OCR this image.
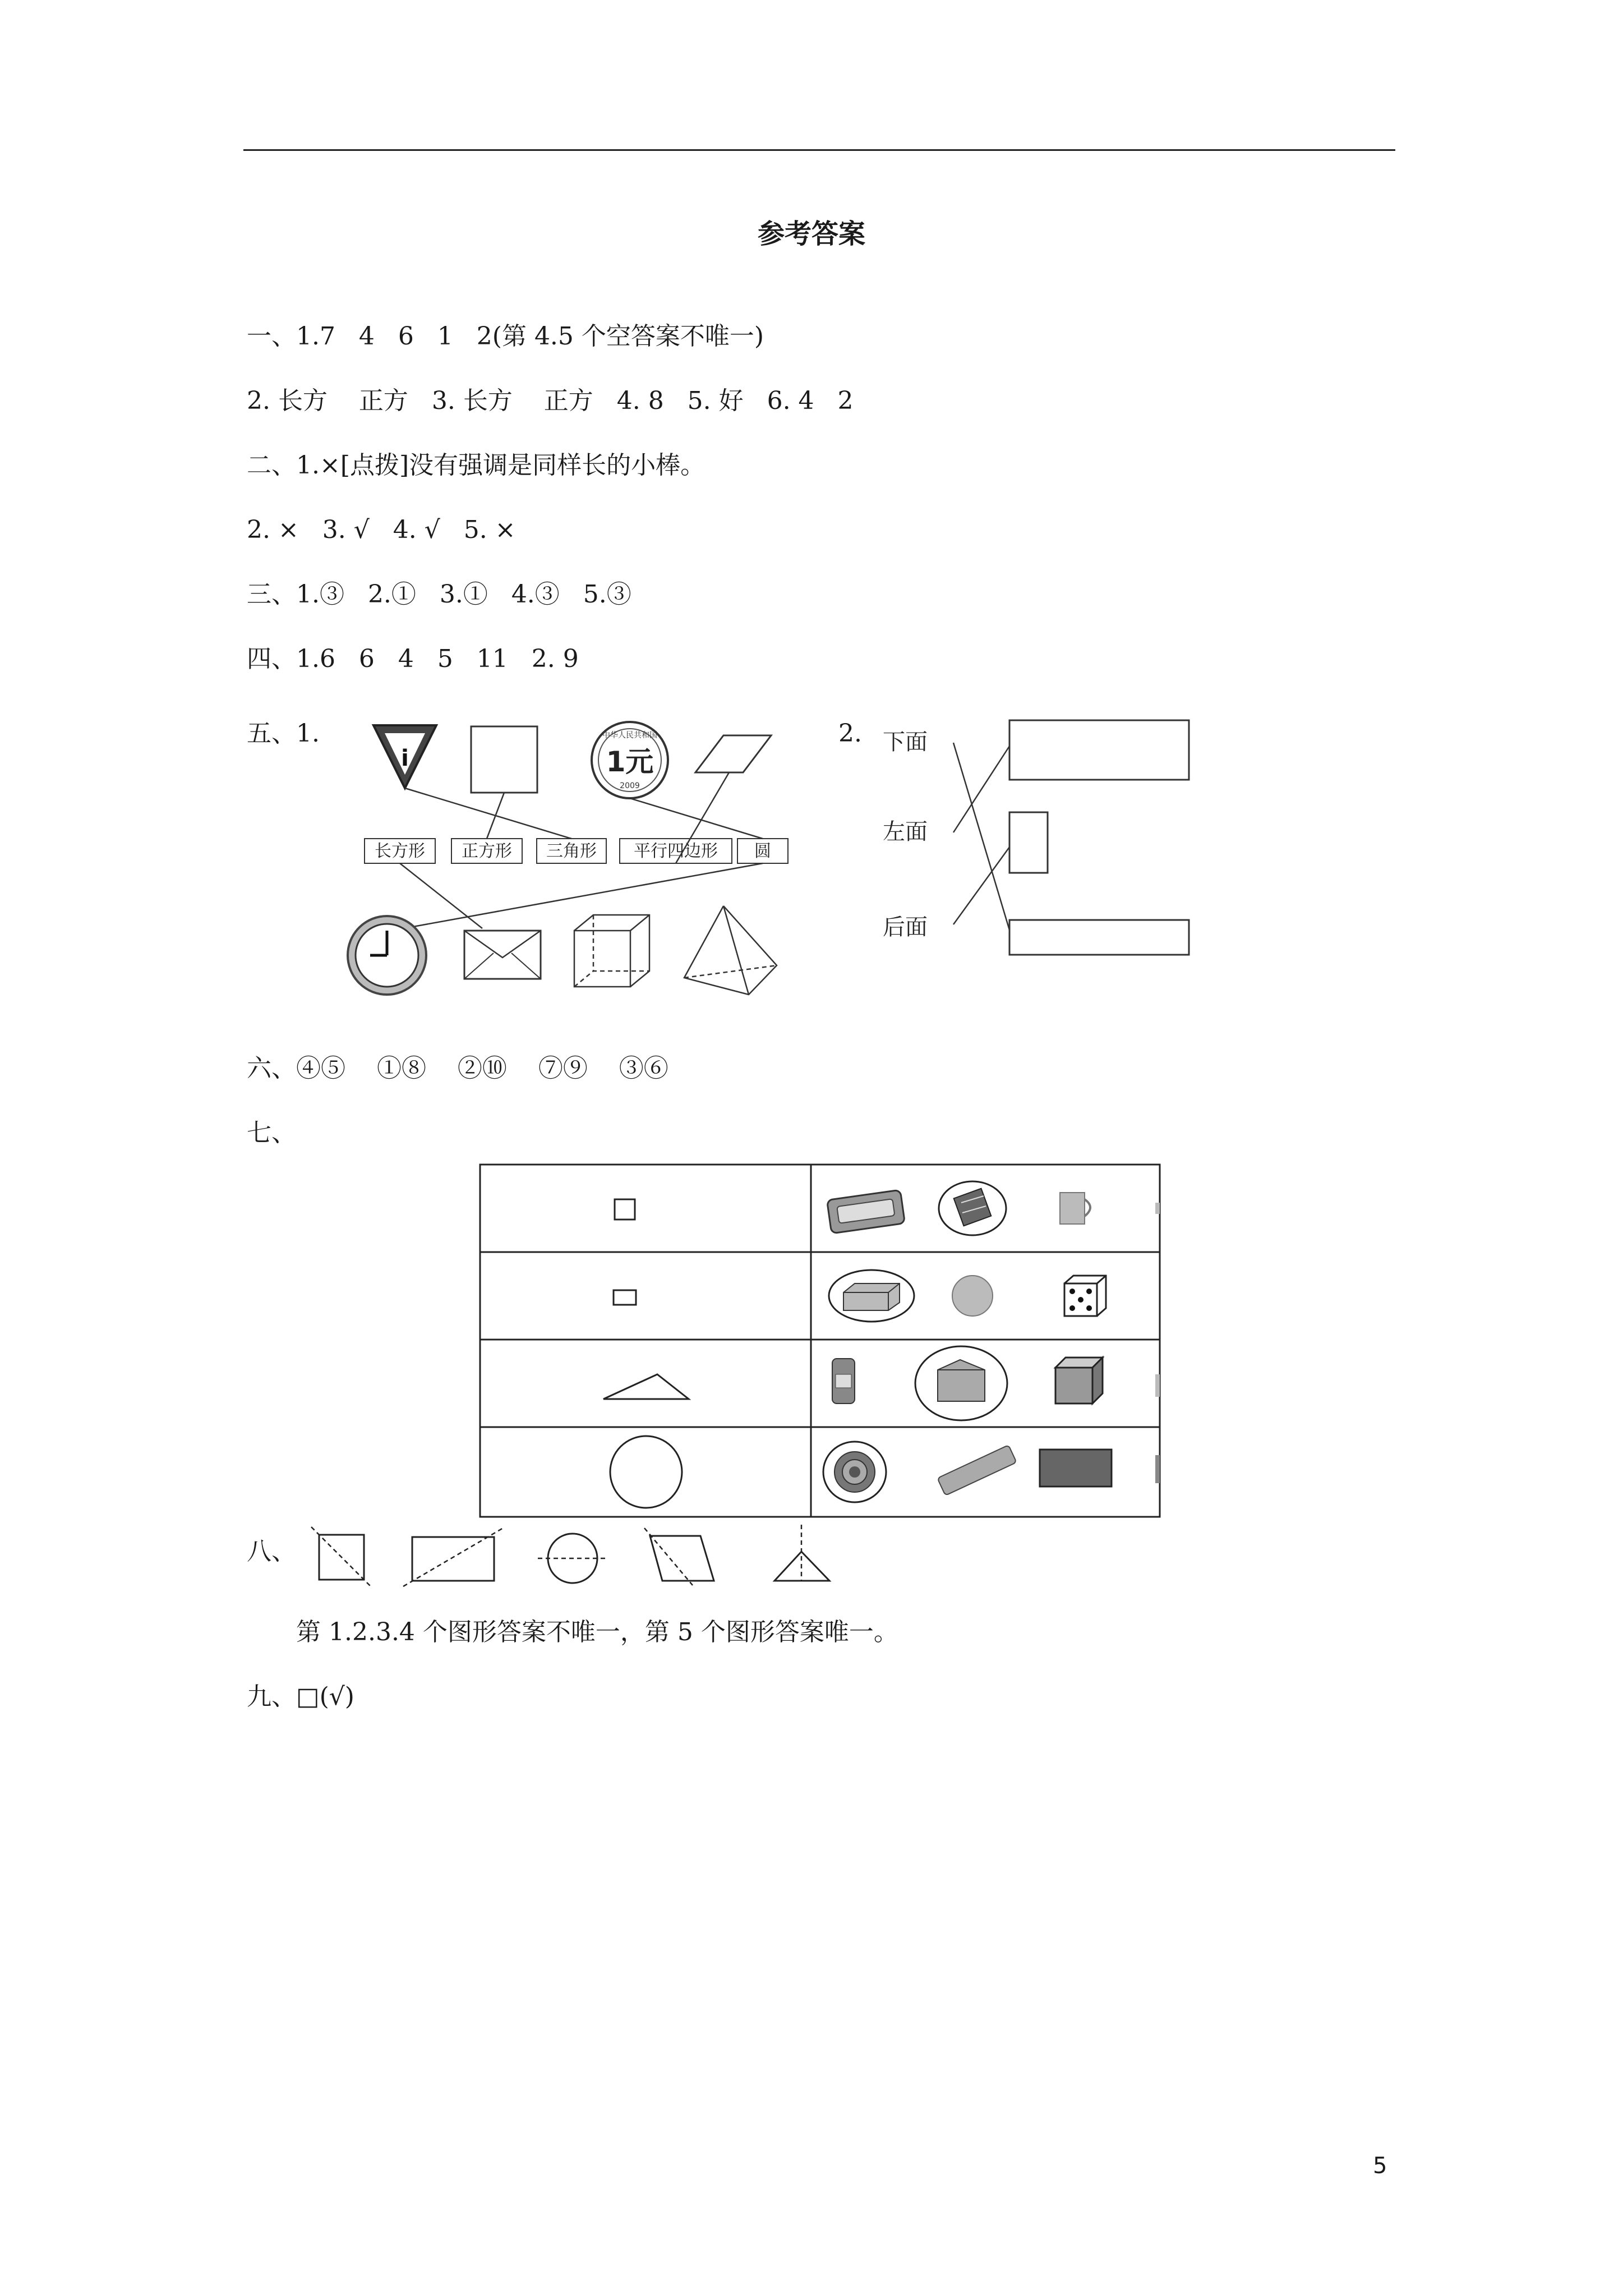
参考答案
一、1.7   4   6   1   2(第 4.5 个空答案不唯一)
2. 长方    正方   3. 长方    正方   4. 8   5. 好   6. 4   2
二、1.×[点拨]没有强调是同样长的小棒。
2. ×   3. √   4. √   5. ×
三、1.③   2.①   3.①   4.③   5.③
四、1.6   6   4   5   11   2. 9
五、1.
i
中华人民共和国
1元
2009
长方形 正方形 三角形 平行四边形 圆
2. 下面
左面
后面
六、④⑤    ①⑧    ②⑩    ⑦⑨    ③⑥
七、
八、
第 1.2.3.4 个图形答案不唯一，第 5 个图形答案唯一。
九、□(√)
5
